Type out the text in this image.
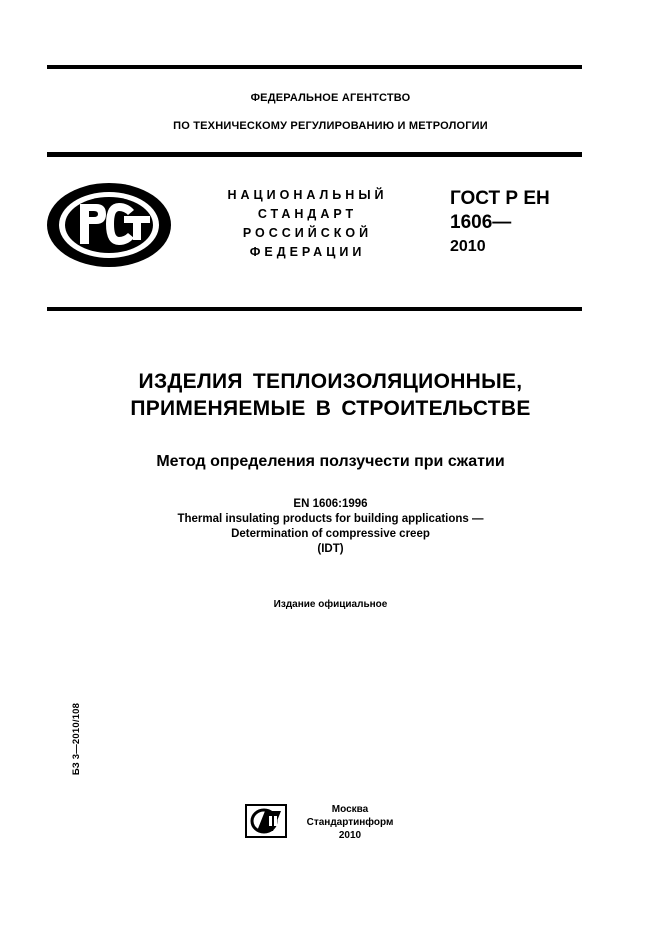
ФЕДЕРАЛЬНОЕ АГЕНТСТВО
ПО ТЕХНИЧЕСКОМУ РЕГУЛИРОВАНИЮ И МЕТРОЛОГИИ
НАЦИОНАЛЬНЫЙ
СТАНДАРТ
РОССИЙСКОЙ
ФЕДЕРАЦИИ
ГОСТ Р ЕН
1606—
2010
ИЗДЕЛИЯ ТЕПЛОИЗОЛЯЦИОННЫЕ,
ПРИМЕНЯЕМЫЕ В СТРОИТЕЛЬСТВЕ
Метод определения ползучести при сжатии
EN 1606:1996
Thermal insulating products for building applications —
Determination of compressive creep
(IDT)
Издание официальное
БЗ 3—2010/108
Москва
Стандартинформ
2010
